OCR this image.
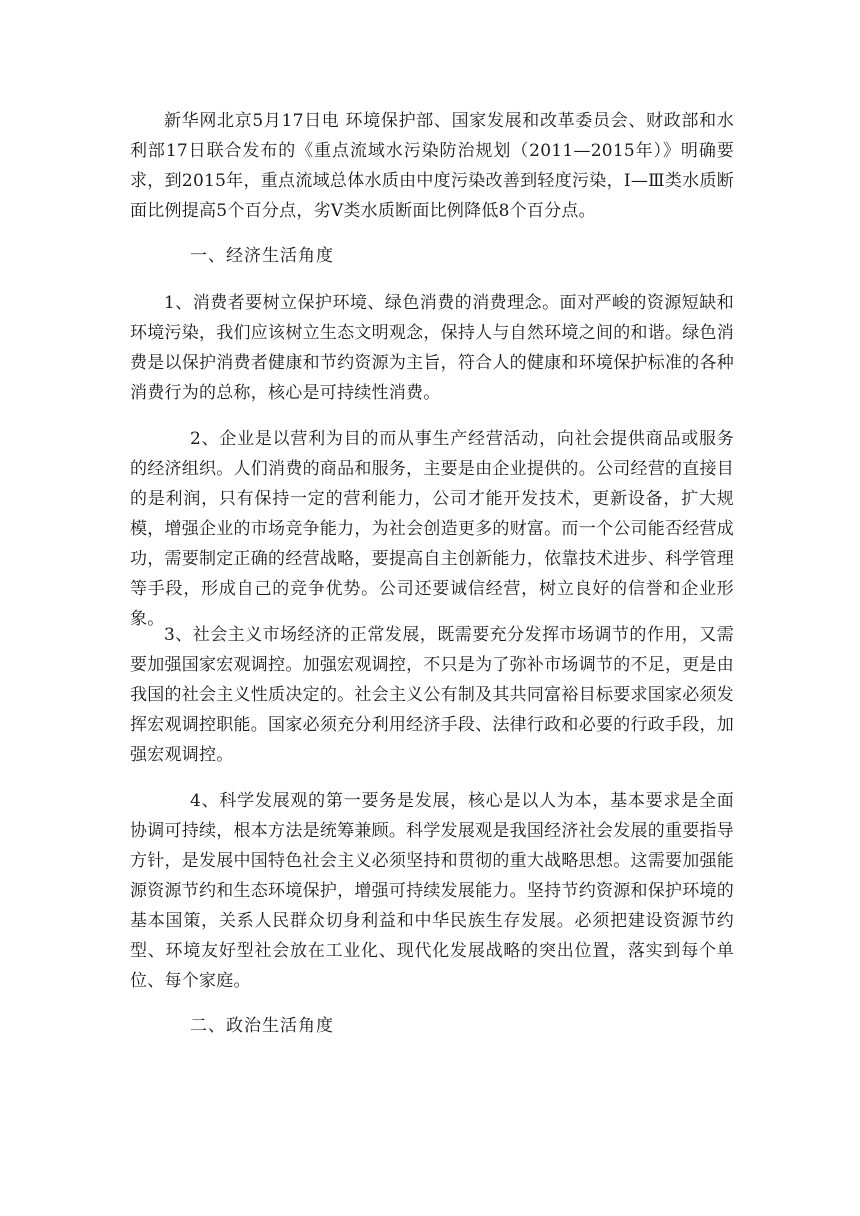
新华网北京5月17日电 环境保护部、国家发展和改革委员会、财政部和水利部17日联合发布的《重点流域水污染防治规划（2011—2015年）》明确要求，到2015年，重点流域总体水质由中度污染改善到轻度污染，Ⅰ—Ⅲ类水质断面比例提高5个百分点，劣Ⅴ类水质断面比例降低8个百分点。

一、经济生活角度

1、消费者要树立保护环境、绿色消费的消费理念。面对严峻的资源短缺和环境污染，我们应该树立生态文明观念，保持人与自然环境之间的和谐。绿色消费是以保护消费者健康和节约资源为主旨，符合人的健康和环境保护标准的各种消费行为的总称，核心是可持续性消费。

2、企业是以营利为目的而从事生产经营活动，向社会提供商品或服务的经济组织。人们消费的商品和服务，主要是由企业提供的。公司经营的直接目的是利润，只有保持一定的营利能力，公司才能开发技术，更新设备，扩大规模，增强企业的市场竞争能力，为社会创造更多的财富。而一个公司能否经营成功，需要制定正确的经营战略，要提高自主创新能力，依靠技术进步、科学管理等手段，形成自己的竞争优势。公司还要诚信经营，树立良好的信誉和企业形象。

3、社会主义市场经济的正常发展，既需要充分发挥市场调节的作用，又需要加强国家宏观调控。加强宏观调控，不只是为了弥补市场调节的不足，更是由我国的社会主义性质决定的。社会主义公有制及其共同富裕目标要求国家必须发挥宏观调控职能。国家必须充分利用经济手段、法律行政和必要的行政手段，加强宏观调控。

4、科学发展观的第一要务是发展，核心是以人为本，基本要求是全面协调可持续，根本方法是统筹兼顾。科学发展观是我国经济社会发展的重要指导方针，是发展中国特色社会主义必须坚持和贯彻的重大战略思想。这需要加强能源资源节约和生态环境保护，增强可持续发展能力。坚持节约资源和保护环境的基本国策，关系人民群众切身利益和中华民族生存发展。必须把建设资源节约型、环境友好型社会放在工业化、现代化发展战略的突出位置，落实到每个单位、每个家庭。

二、政治生活角度
